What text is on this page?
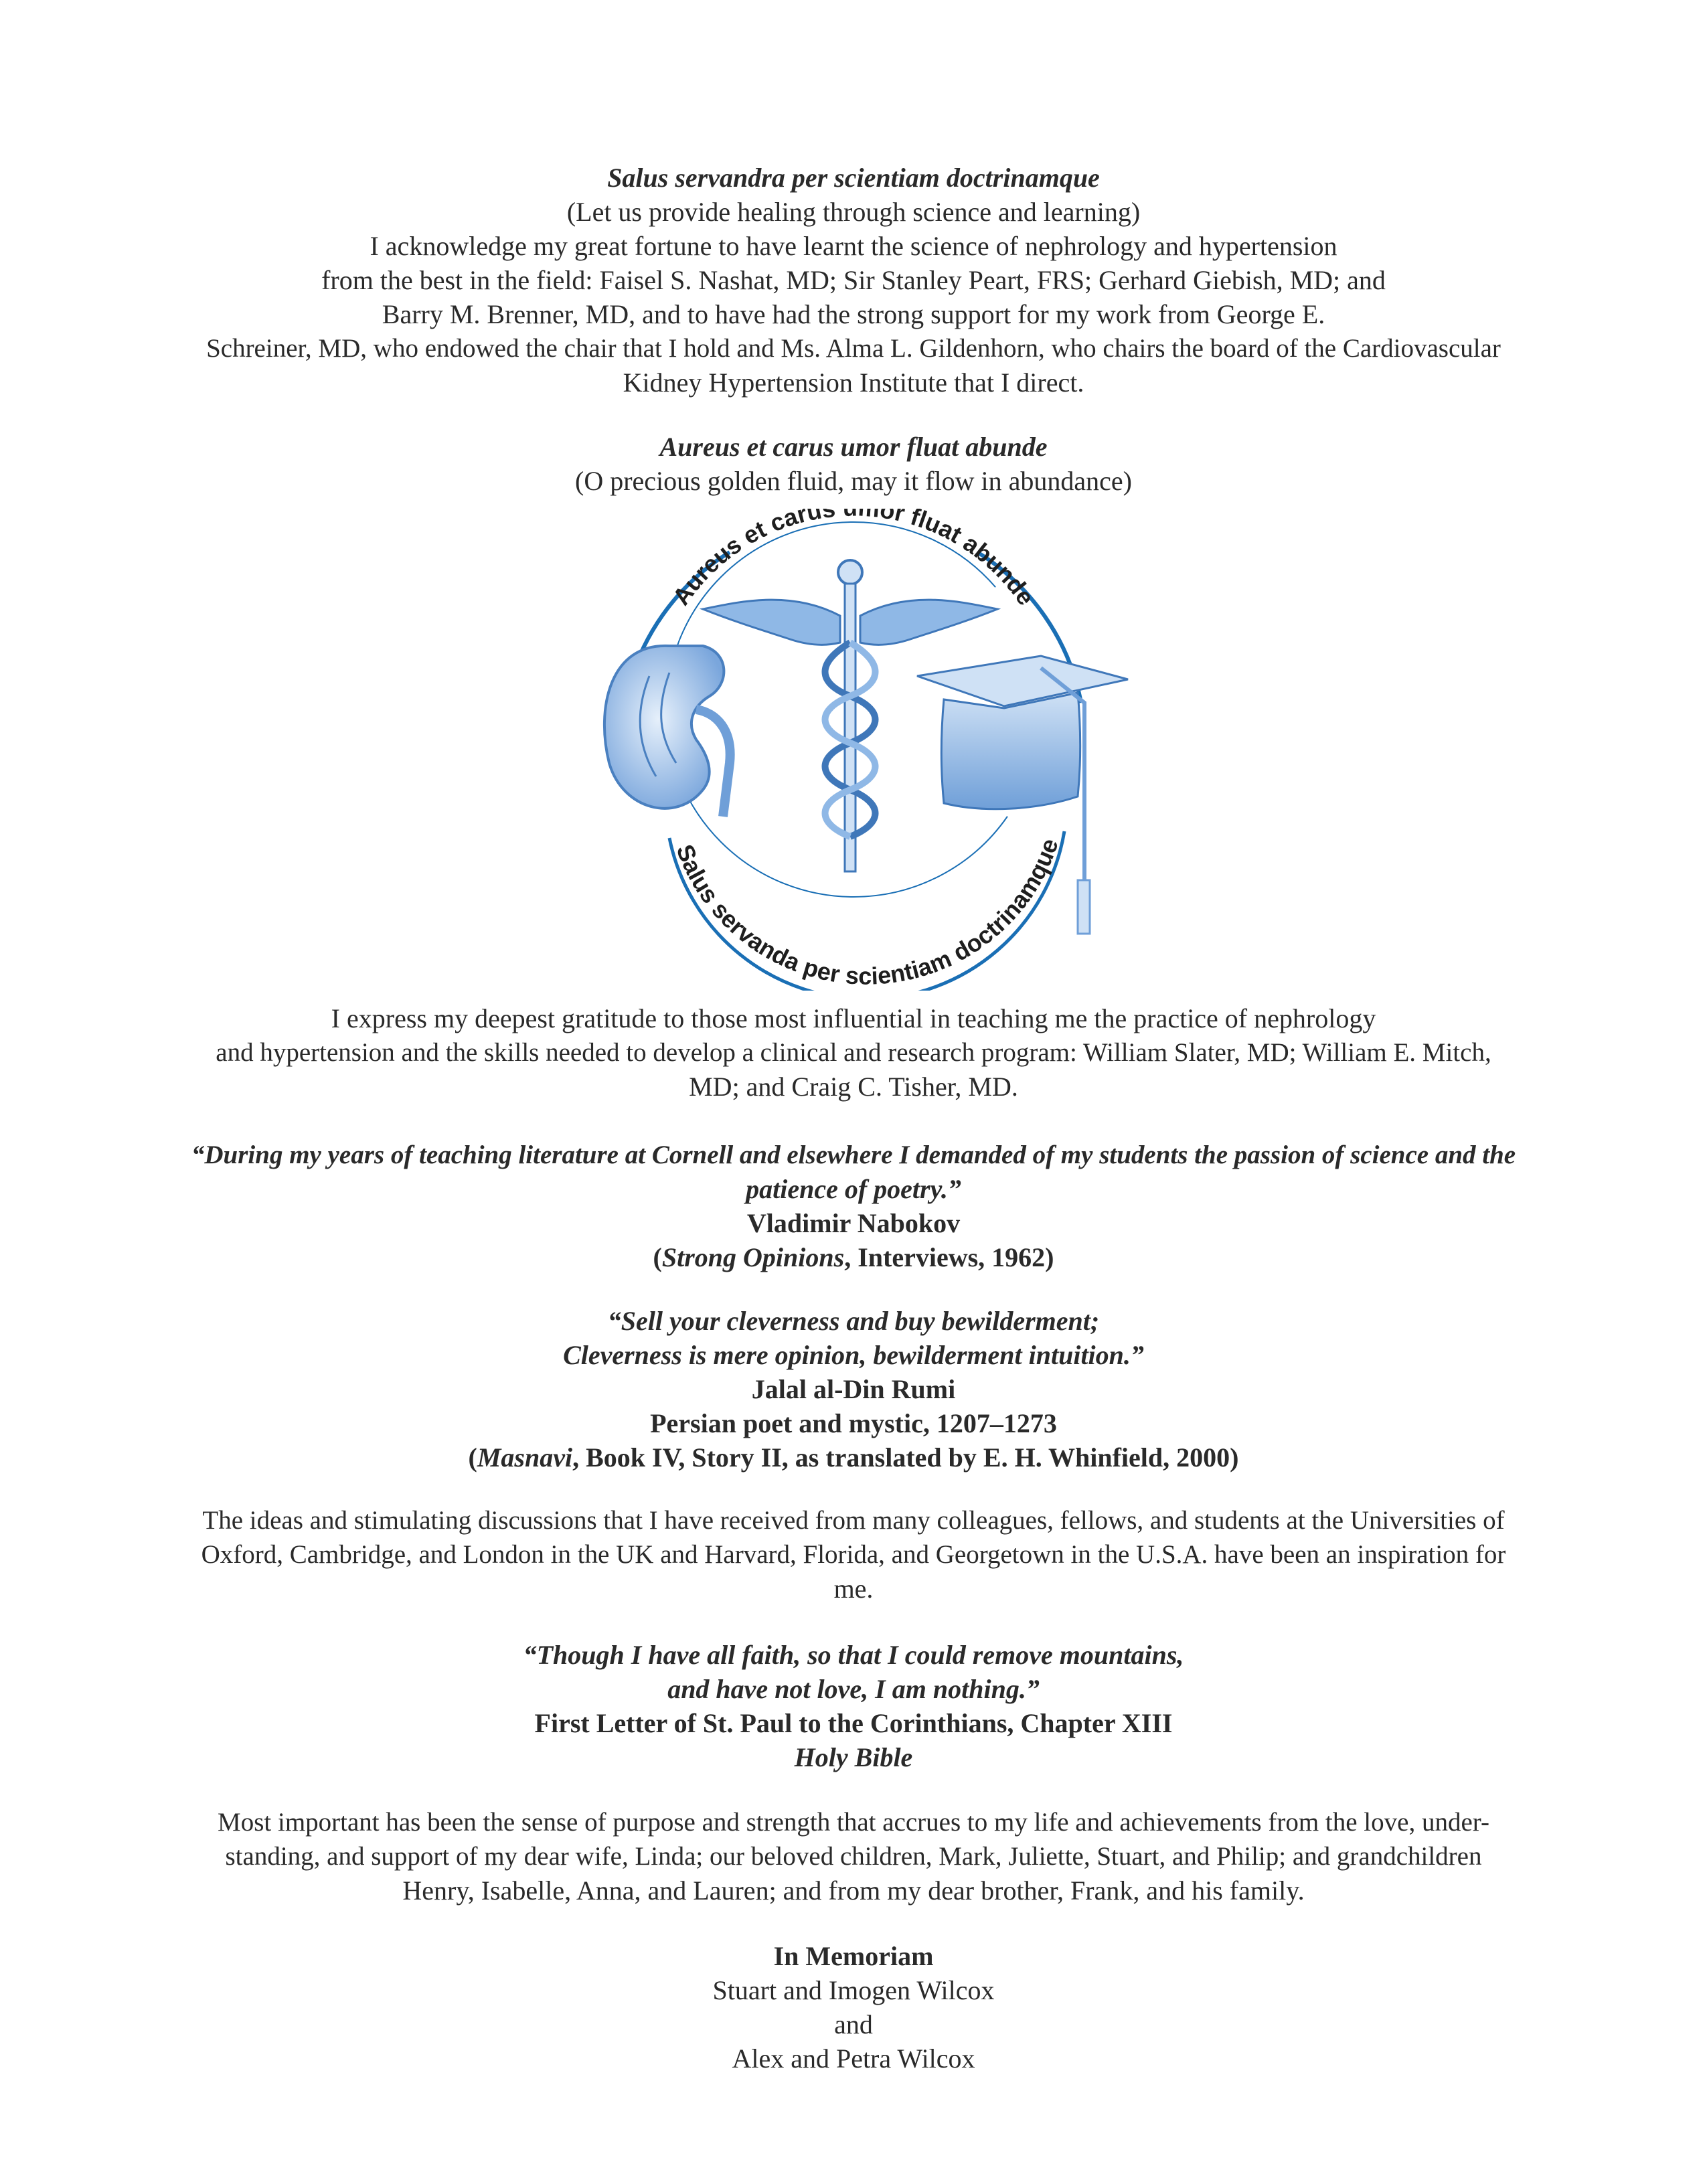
Salus servandra per scientiam doctrinamque
(Let us provide healing through science and learning)
I acknowledge my great fortune to have learnt the science of nephrology and hypertension
from the best in the field: Faisel S. Nashat, MD; Sir Stanley Peart, FRS; Gerhard Giebish, MD; and
Barry M. Brenner, MD, and to have had the strong support for my work from George E.
Schreiner, MD, who endowed the chair that I hold and Ms. Alma L. Gildenhorn, who chairs the board of the Cardiovascular
Kidney Hypertension Institute that I direct.
Aureus et carus umor fluat abunde
(O precious golden fluid, may it flow in abundance)
Aureus et carus or fluat abunde
Salus servanda per scientiam doctrinamque
I express my deepest gratitude to those most influential in teaching me the practice of nephrology
and hypertension and the skills needed to develop a clinical and research program: William Slater, MD; William E. Mitch,
MD; and Craig C. Tisher, MD.
“During my years of teaching literature at Cornell and elsewhere I demanded of my students the passion of science and the
patience of poetry.”
Vladimir Nabokov
(Strong Opinions, Interviews, 1962)
“Sell your cleverness and buy bewilderment;
Cleverness is mere opinion, bewilderment intuition.”
Jalal al-Din Rumi
Persian poet and mystic, 1207–1273
(Masnavi, Book IV, Story II, as translated by E. H. Whinfield, 2000)
The ideas and stimulating discussions that I have received from many colleagues, fellows, and students at the Universities of
Oxford, Cambridge, and London in the UK and Harvard, Florida, and Georgetown in the U.S.A. have been an inspiration for
me.
“Though I have all faith, so that I could remove mountains,
and have not love, I am nothing.”
First Letter of St. Paul to the Corinthians, Chapter XIII
Holy Bible
Most important has been the sense of purpose and strength that accrues to my life and achievements from the love, under-
standing, and support of my dear wife, Linda; our beloved children, Mark, Juliette, Stuart, and Philip; and grandchildren
Henry, Isabelle, Anna, and Lauren; and from my dear brother, Frank, and his family.
In Memoriam
Stuart and Imogen Wilcox
and
Alex and Petra Wilcox
